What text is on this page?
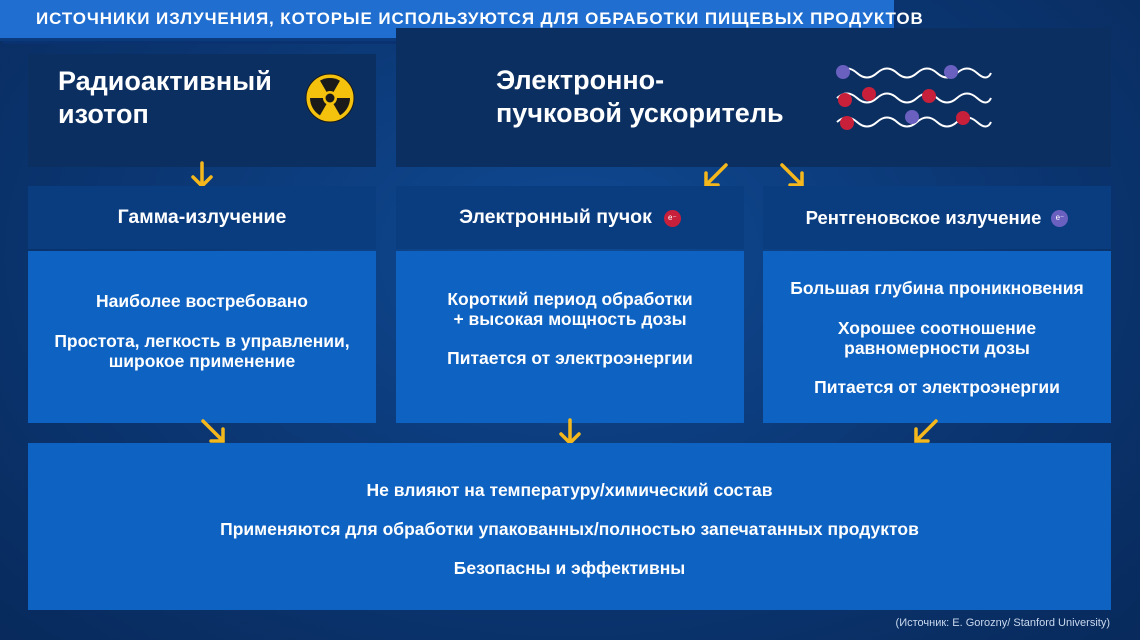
ИСТОЧНИКИ ИЗЛУЧЕНИЯ, КОТОРЫЕ ИСПОЛЬЗУЮТСЯ ДЛЯ ОБРАБОТКИ ПИЩЕВЫХ ПРОДУКТОВ
Радиоактивный
изотоп
Электронно-
пучковой ускоритель
Гамма-излучение

Наиболее востребовано

Простота, легкость в управлении,

широкое применение

Электронный пучок	e⁻

Короткий период обработки

+ высокая мощность дозы

Питается от электроэнергии

Рентгеновское излучение	e⁻

Большая глубина проникновения

Хорошее соотношение

равномерности дозы

Питается от электроэнергии

Не влияют на температуру/химический состав

Применяются для обработки упакованных/полностью запечатанных продуктов

Безопасны и эффективны

(Источник: E. Gorozny/ Stanford University)
